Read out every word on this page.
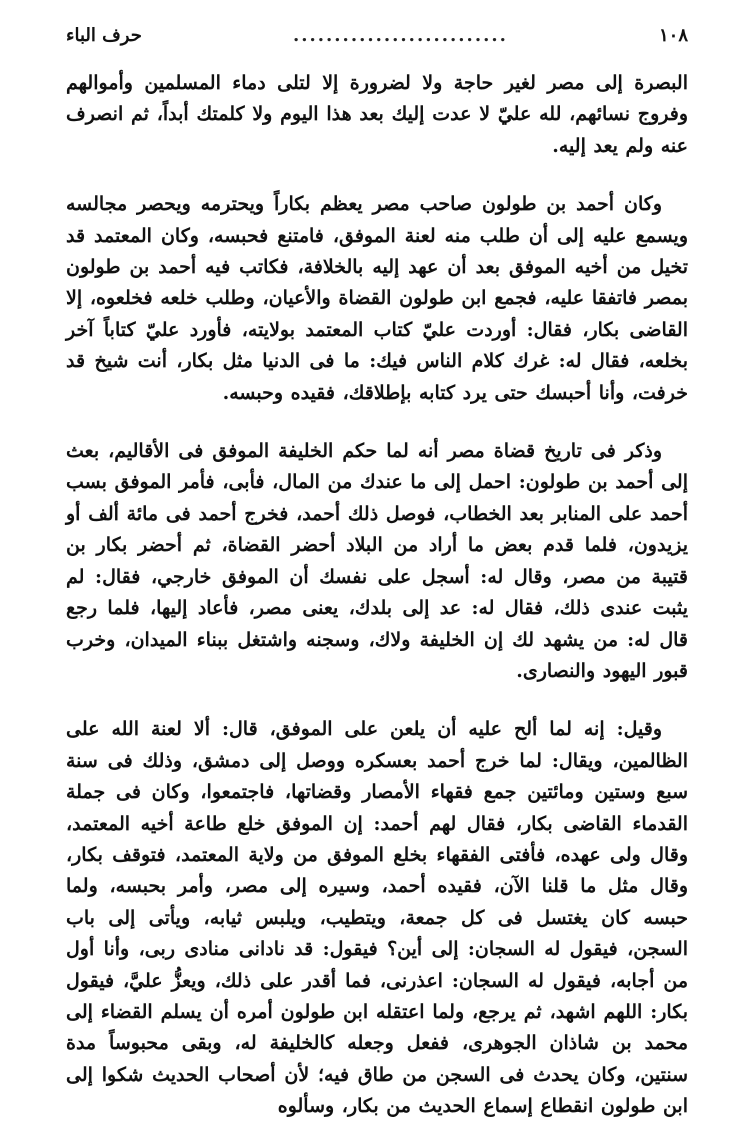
١٠٨
..........................
حرف الباء

البصرة إلى مصر لغير حاجة ولا لضرورة إلا لتلى دماء المسلمين وأموالهم وفروج نسائهم، لله عليّ لا عدت إليك بعد هذا اليوم ولا كلمتك أبداً، ثم انصرف عنه ولم يعد إليه.

وكان أحمد بن طولون صاحب مصر يعظم بكاراً ويحترمه ويحصر مجالسه ويسمع عليه إلى أن طلب منه لعنة الموفق، فامتنع فحبسه، وكان المعتمد قد تخيل من أخيه الموفق بعد أن عهد إليه بالخلافة، فكاتب فيه أحمد بن طولون بمصر فاتفقا عليه، فجمع ابن طولون القضاة والأعيان، وطلب خلعه فخلعوه، إلا القاضى بكار، فقال: أوردت عليّ كتاب المعتمد بولايته، فأورد عليّ كتاباً آخر بخلعه، فقال له: غرك كلام الناس فيك: ما فى الدنيا مثل بكار، أنت شيخ قد خرفت، وأنا أحبسك حتى يرد كتابه بإطلاقك، فقيده وحبسه.

وذكر فى تاريخ قضاة مصر أنه لما حكم الخليفة الموفق فى الأقاليم، بعث إلى أحمد بن طولون: احمل إلى ما عندك من المال، فأبى، فأمر الموفق بسب أحمد على المنابر بعد الخطاب، فوصل ذلك أحمد، فخرج أحمد فى مائة ألف أو يزيدون، فلما قدم بعض ما أراد من البلاد أحضر القضاة، ثم أحضر بكار بن قتيبة من مصر، وقال له: أسجل على نفسك أن الموفق خارجي، فقال: لم يثبت عندى ذلك، فقال له: عد إلى بلدك، يعنى مصر، فأعاد إليها، فلما رجع قال له: من يشهد لك إن الخليفة ولاك، وسجنه واشتغل ببناء الميدان، وخرب قبور اليهود والنصارى.

وقيل: إنه لما ألح عليه أن يلعن على الموفق، قال: ألا لعنة الله على الظالمين، ويقال: لما خرج أحمد بعسكره ووصل إلى دمشق، وذلك فى سنة سبع وستين ومائتين جمع فقهاء الأمصار وقضاتها، فاجتمعوا، وكان فى جملة القدماء القاضى بكار، فقال لهم أحمد: إن الموفق خلع طاعة أخيه المعتمد، وقال ولى عهده، فأفتى الفقهاء بخلع الموفق من ولاية المعتمد، فتوقف بكار، وقال مثل ما قلنا الآن، فقيده أحمد، وسيره إلى مصر، وأمر بحبسه، ولما حبسه كان يغتسل فى كل جمعة، ويتطيب، ويلبس ثيابه، ويأتى إلى باب السجن، فيقول له السجان: إلى أين؟ فيقول: قد نادانى منادى ربى، وأنا أول من أجابه، فيقول له السجان: اعذرنى، فما أقدر على ذلك، ويعزُّ عليَّ، فيقول بكار: اللهم اشهد، ثم يرجع، ولما اعتقله ابن طولون أمره أن يسلم القضاء إلى محمد بن شاذان الجوهرى، ففعل وجعله كالخليفة له، وبقى محبوساً مدة سنتين، وكان يحدث فى السجن من طاق فيه؛ لأن أصحاب الحديث شكوا إلى ابن طولون انقطاع إسماع الحديث من بكار، وسألوه
